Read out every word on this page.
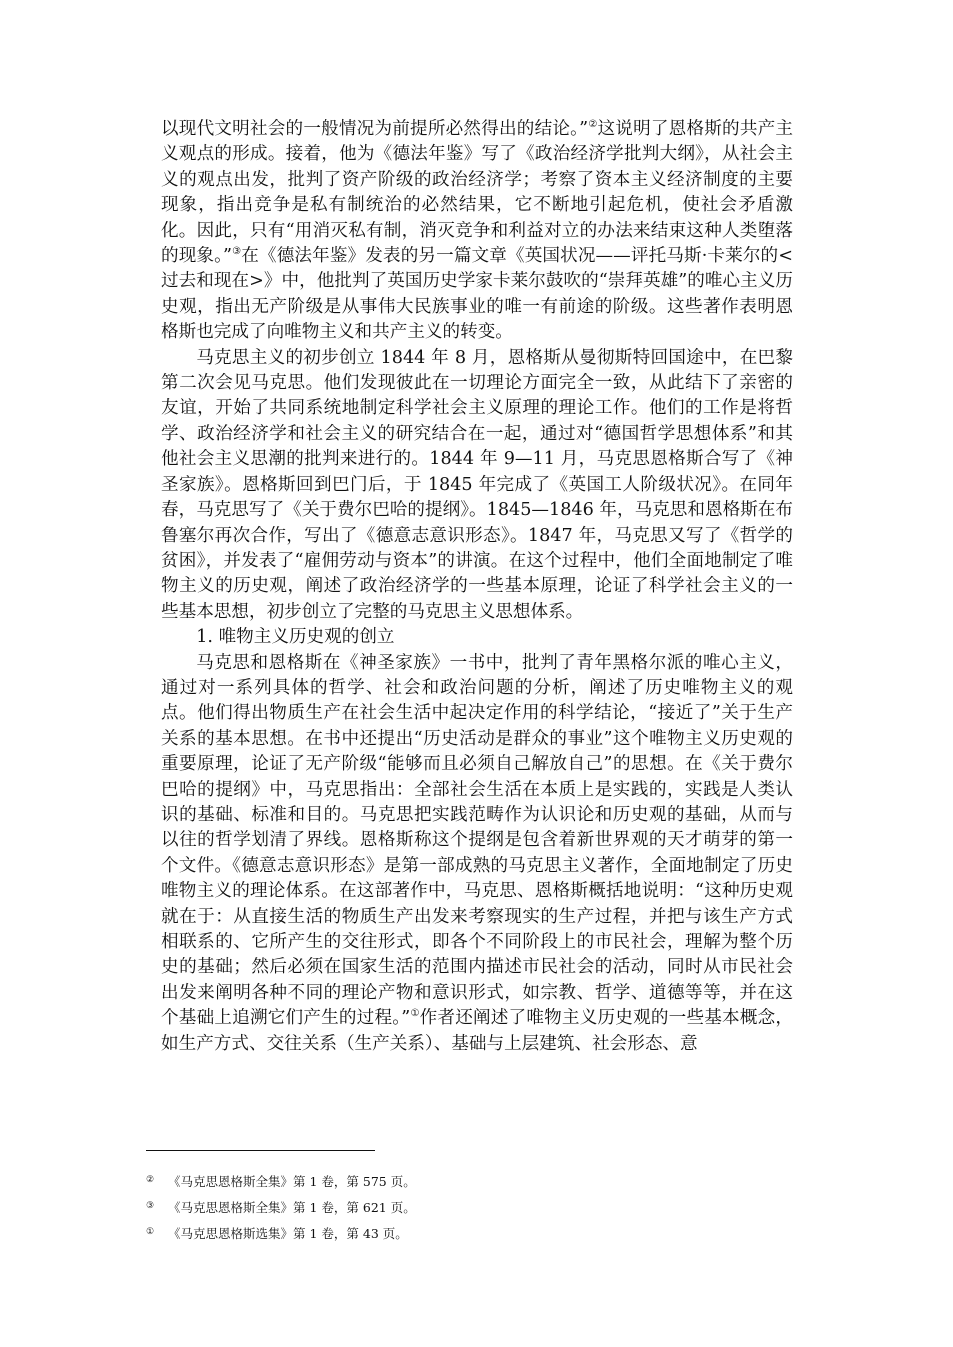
以现代文明社会的一般情况为前提所必然得出的结论。”②这说明了恩格斯的共产主义观点的形成。接着，他为《德法年鉴》写了《政治经济学批判大纲》，从社会主义的观点出发，批判了资产阶级的政治经济学；考察了资本主义经济制度的主要现象，指出竞争是私有制统治的必然结果，它不断地引起危机，使社会矛盾激化。因此，只有“用消灭私有制，消灭竞争和利益对立的办法来结束这种人类堕落的现象。”③在《德法年鉴》发表的另一篇文章《英国状况——评托马斯·卡莱尔的<过去和现在>》中，他批判了英国历史学家卡莱尔鼓吹的“崇拜英雄”的唯心主义历史观，指出无产阶级是从事伟大民族事业的唯一有前途的阶级。这些著作表明恩格斯也完成了向唯物主义和共产主义的转变。

马克思主义的初步创立 1844 年 8 月，恩格斯从曼彻斯特回国途中，在巴黎第二次会见马克思。他们发现彼此在一切理论方面完全一致，从此结下了亲密的友谊，开始了共同系统地制定科学社会主义原理的理论工作。他们的工作是将哲学、政治经济学和社会主义的研究结合在一起，通过对“德国哲学思想体系”和其他社会主义思潮的批判来进行的。1844 年 9—11 月，马克思恩格斯合写了《神圣家族》。恩格斯回到巴门后，于 1845 年完成了《英国工人阶级状况》。在同年春，马克思写了《关于费尔巴哈的提纲》。1845—1846 年，马克思和恩格斯在布鲁塞尔再次合作，写出了《德意志意识形态》。1847 年，马克思又写了《哲学的贫困》，并发表了“雇佣劳动与资本”的讲演。在这个过程中，他们全面地制定了唯物主义的历史观，阐述了政治经济学的一些基本原理，论证了科学社会主义的一些基本思想，初步创立了完整的马克思主义思想体系。

1. 唯物主义历史观的创立

马克思和恩格斯在《神圣家族》一书中，批判了青年黑格尔派的唯心主义，通过对一系列具体的哲学、社会和政治问题的分析，阐述了历史唯物主义的观点。他们得出物质生产在社会生活中起决定作用的科学结论，“接近了”关于生产关系的基本思想。在书中还提出“历史活动是群众的事业”这个唯物主义历史观的重要原理，论证了无产阶级“能够而且必须自己解放自己”的思想。在《关于费尔巴哈的提纲》中，马克思指出：全部社会生活在本质上是实践的，实践是人类认识的基础、标准和目的。马克思把实践范畴作为认识论和历史观的基础，从而与以往的哲学划清了界线。恩格斯称这个提纲是包含着新世界观的天才萌芽的第一个文件。《德意志意识形态》是第一部成熟的马克思主义著作，全面地制定了历史唯物主义的理论体系。在这部著作中，马克思、恩格斯概括地说明：“这种历史观就在于：从直接生活的物质生产出发来考察现实的生产过程，并把与该生产方式相联系的、它所产生的交往形式，即各个不同阶段上的市民社会，理解为整个历史的基础；然后必须在国家生活的范围内描述市民社会的活动，同时从市民社会出发来阐明各种不同的理论产物和意识形式，如宗教、哲学、道德等等，并在这个基础上追溯它们产生的过程。”①作者还阐述了唯物主义历史观的一些基本概念，如生产方式、交往关系（生产关系）、基础与上层建筑、社会形态、意

② 《马克思恩格斯全集》第 1 卷，第 575 页。
③ 《马克思恩格斯全集》第 1 卷，第 621 页。
① 《马克思恩格斯选集》第 1 卷，第 43 页。
